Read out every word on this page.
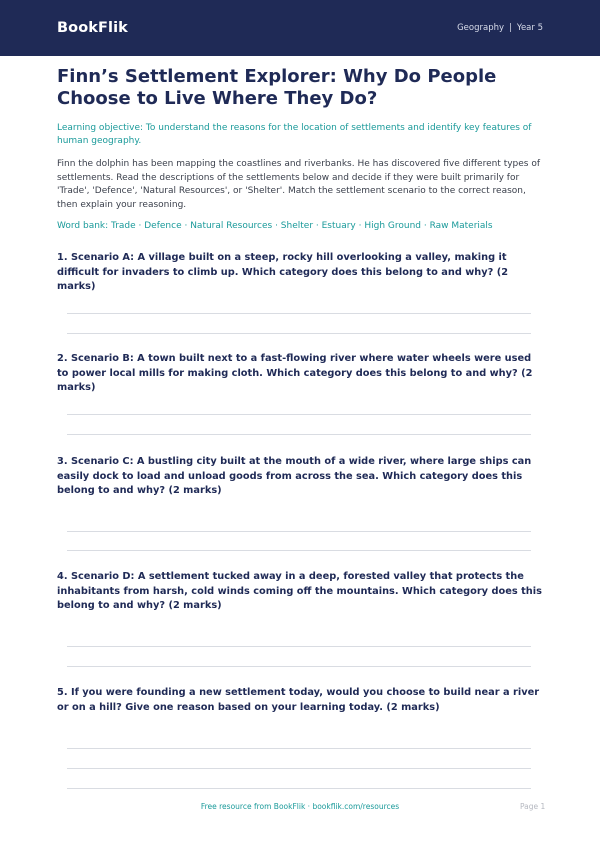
BookFlik	Geography | Year 5
Finn’s Settlement Explorer: Why Do People Choose to Live Where They Do?

Learning objective: To understand the reasons for the location of settlements and identify key features of human geography.

Finn the dolphin has been mapping the coastlines and riverbanks. He has discovered five different types of settlements. Read the descriptions of the settlements below and decide if they were built primarily for 'Trade', 'Defence', 'Natural Resources', or 'Shelter'. Match the settlement scenario to the correct reason, then explain your reasoning.

Word bank: Trade · Defence · Natural Resources · Shelter · Estuary · High Ground · Raw Materials

1. Scenario A: A village built on a steep, rocky hill overlooking a valley, making it difficult for invaders to climb up. Which category does this belong to and why? (2 marks)

2. Scenario B: A town built next to a fast-flowing river where water wheels were used to power local mills for making cloth. Which category does this belong to and why? (2 marks)

3. Scenario C: A bustling city built at the mouth of a wide river, where large ships can easily dock to load and unload goods from across the sea. Which category does this belong to and why? (2 marks)

4. Scenario D: A settlement tucked away in a deep, forested valley that protects the inhabitants from harsh, cold winds coming off the mountains. Which category does this belong to and why? (2 marks)

5. If you were founding a new settlement today, would you choose to build near a river or on a hill? Give one reason based on your learning today. (2 marks)

Free resource from BookFlik · bookflik.com/resources	Page 1
